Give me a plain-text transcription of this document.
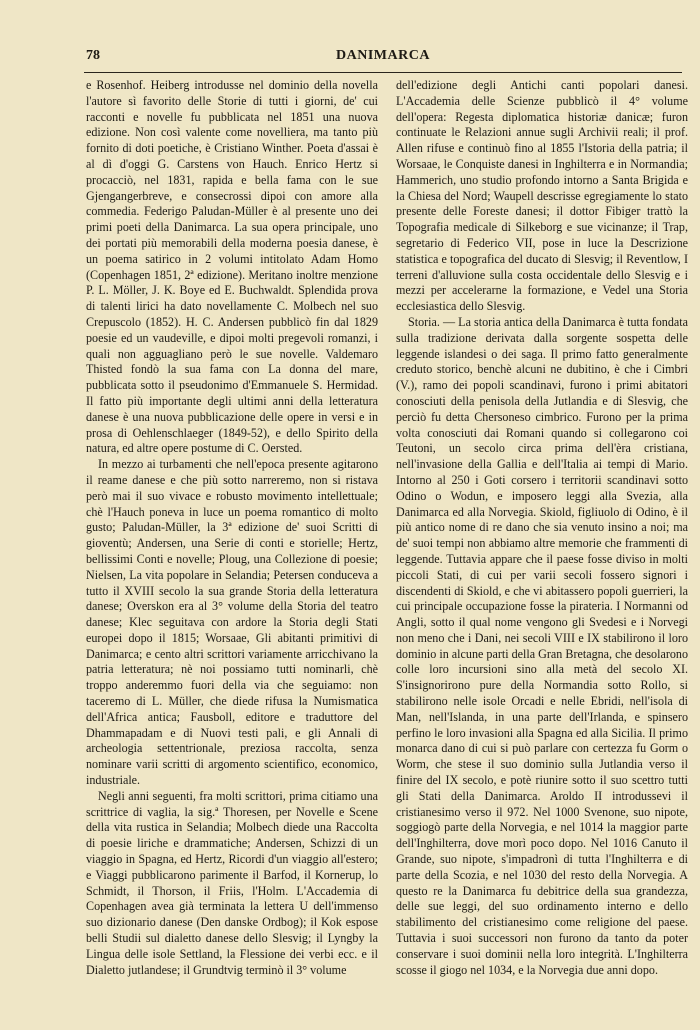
78	DANIMARCA

e Rosenhof. Heiberg introdusse nel dominio della novella l'autore sì favorito delle Storie di tutti i giorni, de' cui racconti e novelle fu pubblicata nel 1851 una nuova edizione. Non così valente come novelliera, ma tanto più fornito di doti poetiche, è Cristiano Winther. Poeta d'assai è al dì d'oggi G. Carstens von Hauch. Enrico Hertz si procacciò, nel 1831, rapida e bella fama con le sue Gjengangerbreve, e consecrossi dipoi con amore alla commedia. Federigo Paludan-Müller è al presente uno dei primi poeti della Danimarca. La sua opera principale, uno dei portati più memorabili della moderna poesia danese, è un poema satirico in 2 volumi intitolato Adam Homo (Copenhagen 1851, 2ª edizione). Meritano inoltre menzione P. L. Möller, J. K. Boye ed E. Buchwaldt. Splendida prova di talenti lirici ha dato novellamente C. Molbech nel suo Crepuscolo (1852). H. C. Andersen pubblicò fin dal 1829 poesie ed un vaudeville, e dipoi molti pregevoli romanzi, i quali non agguagliano però le sue novelle. Valdemaro Thisted fondò la sua fama con La donna del mare, pubblicata sotto il pseudonimo d'Emmanuele S. Hermidad. Il fatto più importante degli ultimi anni della letteratura danese è una nuova pubblicazione delle opere in versi e in prosa di Oehlenschlaeger (1849-52), e dello Spirito della natura, ed altre opere postume di C. Oersted.

In mezzo ai turbamenti che nell'epoca presente agitarono il reame danese e che più sotto narreremo, non si ristava però mai il suo vivace e robusto movimento intellettuale; chè l'Hauch poneva in luce un poema romantico di molto gusto; Paludan-Müller, la 3ª edizione de' suoi Scritti di gioventù; Andersen, una Serie di conti e storielle; Hertz, bellissimi Conti e novelle; Ploug, una Collezione di poesie; Nielsen, La vita popolare in Selandia; Petersen conduceva a tutto il XVIII secolo la sua grande Storia della letteratura danese; Overskon era al 3° volume della Storia del teatro danese; Klec seguitava con ardore la Storia degli Stati europei dopo il 1815; Worsaae, Gli abitanti primitivi di Danimarca; e cento altri scrittori variamente arricchivano la patria letteratura; nè noi possiamo tutti nominarli, chè troppo anderemmo fuori della via che seguiamo: non taceremo di L. Müller, che diede rifusa la Numismatica dell'Africa antica; Fausboll, editore e traduttore del Dhammapadam e di Nuovi testi pali, e gli Annali di archeologia settentrionale, preziosa raccolta, senza nominare varii scritti di argomento scientifico, economico, industriale.

Negli anni seguenti, fra molti scrittori, prima citiamo una scrittrice di vaglia, la sig.ª Thoresen, per Novelle e Scene della vita rustica in Selandia; Molbech diede una Raccolta di poesie liriche e drammatiche; Andersen, Schizzi di un viaggio in Spagna, ed Hertz, Ricordi d'un viaggio all'estero; e Viaggi pubblicarono parimente il Barfod, il Kornerup, lo Schmidt, il Thorson, il Friis, l'Holm. L'Accademia di Copenhagen avea già terminata la lettera U dell'immenso suo dizionario danese (Den danske Ordbog); il Kok espose belli Studii sul dialetto danese dello Slesvig; il Lyngby la Lingua delle isole Settland, la Flessione dei verbi ecc. e il Dialetto jutlandese; il Grundtvig terminò il 3° volume

dell'edizione degli Antichi canti popolari danesi. L'Accademia delle Scienze pubblicò il 4° volume dell'opera: Regesta diplomatica historiæ danicæ; furon continuate le Relazioni annue sugli Archivii reali; il prof. Allen rifuse e continuò fino al 1855 l'Istoria della patria; il Worsaae, le Conquiste danesi in Inghilterra e in Normandia; Hammerich, uno studio profondo intorno a Santa Brigida e la Chiesa del Nord; Waupell descrisse egregiamente lo stato presente delle Foreste danesi; il dottor Fibiger trattò la Topografia medicale di Silkeborg e sue vicinanze; il Trap, segretario di Federico VII, pose in luce la Descrizione statistica e topografica del ducato di Slesvig; il Reventlow, I terreni d'alluvione sulla costa occidentale dello Slesvig e i mezzi per accelerarne la formazione, e Vedel una Storia ecclesiastica dello Slesvig.

Storia. — La storia antica della Danimarca è tutta fondata sulla tradizione derivata dalla sorgente sospetta delle leggende islandesi o dei saga. Il primo fatto generalmente creduto storico, benchè alcuni ne dubitino, è che i Cimbri (V.), ramo dei popoli scandinavi, furono i primi abitatori conosciuti della penisola della Jutlandia e di Slesvig, che perciò fu detta Chersoneso cimbrico. Furono per la prima volta conosciuti dai Romani quando si collegarono coi Teutoni, un secolo circa prima dell'èra cristiana, nell'invasione della Gallia e dell'Italia ai tempi di Mario. Intorno al 250 i Goti corsero i territorii scandinavi sotto Odino o Wodun, e imposero leggi alla Svezia, alla Danimarca ed alla Norvegia. Skiold, figliuolo di Odino, è il più antico nome di re dano che sia venuto insino a noi; ma de' suoi tempi non abbiamo altre memorie che frammenti di leggende. Tuttavia appare che il paese fosse diviso in molti piccoli Stati, di cui per varii secoli fossero signori i discendenti di Skiold, e che vi abitassero popoli guerrieri, la cui principale occupazione fosse la pirateria. I Normanni od Angli, sotto il qual nome vengono gli Svedesi e i Norvegi non meno che i Dani, nei secoli VIII e IX stabilirono il loro dominio in alcune parti della Gran Bretagna, che desolarono colle loro incursioni sino alla metà del secolo XI. S'insignorirono pure della Normandia sotto Rollo, si stabilirono nelle isole Orcadi e nelle Ebridi, nell'isola di Man, nell'Islanda, in una parte dell'Irlanda, e spinsero perfino le loro invasioni alla Spagna ed alla Sicilia. Il primo monarca dano di cui si può parlare con certezza fu Gorm o Worm, che stese il suo dominio sulla Jutlandia verso il finire del IX secolo, e potè riunire sotto il suo scettro tutti gli Stati della Danimarca. Aroldo II introdussevi il cristianesimo verso il 972. Nel 1000 Svenone, suo nipote, soggiogò parte della Norvegia, e nel 1014 la maggior parte dell'Inghilterra, dove morì poco dopo. Nel 1016 Canuto il Grande, suo nipote, s'impadronì di tutta l'Inghilterra e di parte della Scozia, e nel 1030 del resto della Norvegia. A questo re la Danimarca fu debitrice della sua grandezza, delle sue leggi, del suo ordinamento interno e dello stabilimento del cristianesimo come religione del paese. Tuttavia i suoi successori non furono da tanto da poter conservare i suoi dominii nella loro integrità. L'Inghilterra scosse il giogo nel 1034, e la Norvegia due anni dopo.
